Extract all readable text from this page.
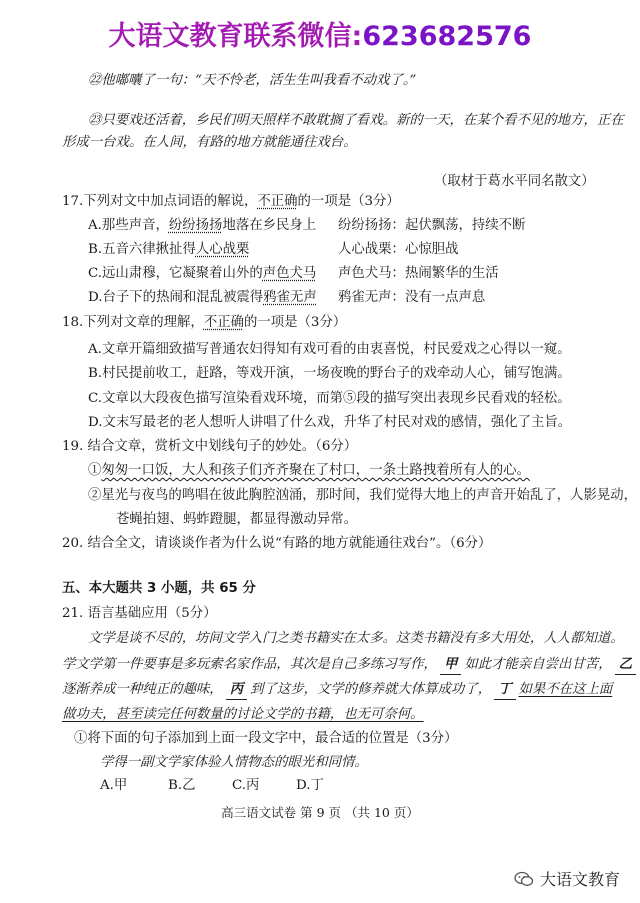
大语文教育联系微信:623682576
㉒他嘟囔了一句：“天不怜老，活生生叫我看不动戏了。”
㉓只要戏还活着，乡民们明天照样不敢耽搁了看戏。新的一天，在某个看不见的地方，正在
形成一台戏。在人间，有路的地方就能通往戏台。
（取材于葛水平同名散文）
17.下列对文中加点词语的解说，不正确的一项是（3分）
A.那些声音，纷纷扬扬地落在乡民身上 纷纷扬扬：起伏飘荡，持续不断
B.五音六律揪扯得人心战栗	人心战栗：心惊胆战
C.远山肃穆，它凝聚着山外的声色犬马 声色犬马：热闹繁华的生活
D.台子下的热闹和混乱被震得鸦雀无声 鸦雀无声：没有一点声息
18.下列对文章的理解，不正确的一项是（3分）
A.文章开篇细致描写普通农妇得知有戏可看的由衷喜悦，村民爱戏之心得以一窥。
B.村民提前收工，赶路，等戏开演，一场夜晚的野台子的戏牵动人心，铺写饱满。
C.文章以大段夜色描写渲染看戏环境，而第⑤段的描写突出表现乡民看戏的轻松。
D.文末写最老的老人想听人讲唱了什么戏，升华了村民对戏的感情，强化了主旨。
19. 结合文章，赏析文中划线句子的妙处。（6分）
①匆匆一口饭，大人和孩子们齐齐聚在了村口，一条土路拽着所有人的心。
②星光与夜鸟的鸣唱在彼此胸腔汹涌，那时间，我们觉得大地上的声音开始乱了，人影晃动，
苍蝇拍翅、蚂蚱蹬腿，都显得激动异常。
20. 结合全文，请谈谈作者为什么说“有路的地方就能通往戏台”。（6分）
五、本大题共 3 小题，共 65 分
21. 语言基础应用（5分）
文学是谈不尽的，坊间文学入门之类书籍实在太多。这类书籍没有多大用处，人人都知道。
学文学第一件要事是多玩索名家作品，其次是自己多练习写作， 甲 如此才能亲自尝出甘苦， 乙
逐渐养成一种纯正的趣味， 丙 到了这步，文学的修养就大体算成功了， 丁 如果不在这上面
做功夫，甚至读完任何数量的讨论文学的书籍，也无可奈何。
①将下面的句子添加到上面一段文字中，最合适的位置是（3分）
学得一副文学家体验人情物态的眼光和同情。
A.甲	B.乙	C.丙	D.丁
高三语文试卷 第 9 页 （共 10 页）
大语文教育
